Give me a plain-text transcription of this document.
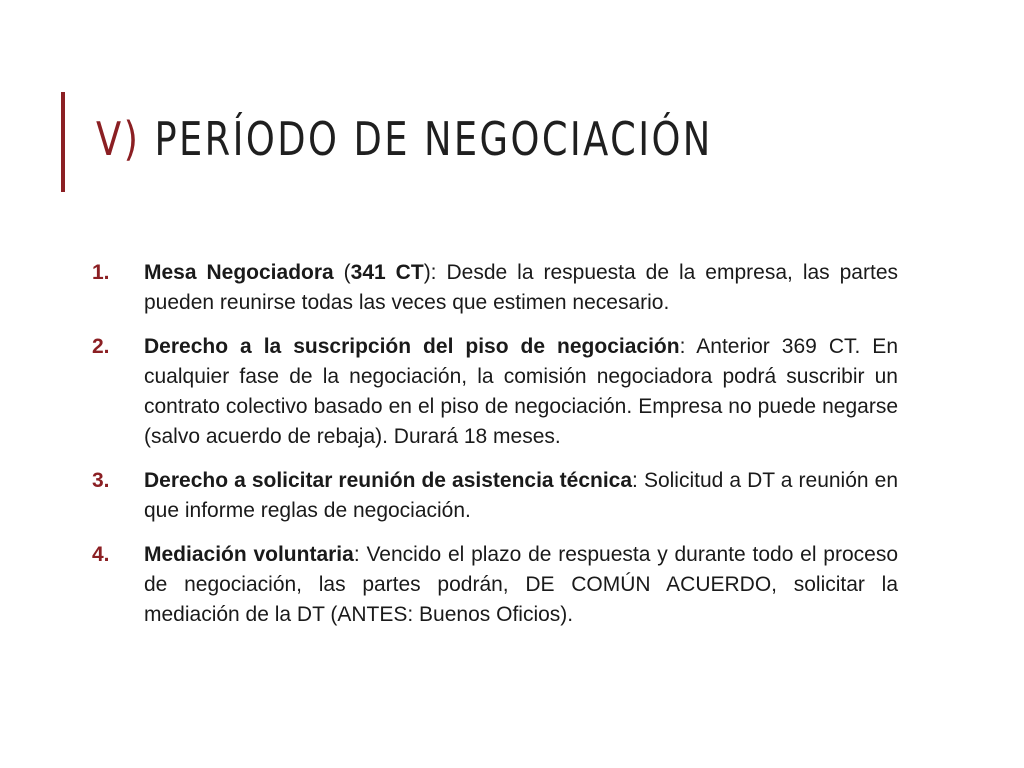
V) PERÍODO DE NEGOCIACIÓN
1.	Mesa Negociadora (341 CT): Desde la respuesta de la empresa, las partes pueden reunirse todas las veces que estimen necesario.
2.	Derecho a la suscripción del piso de negociación: Anterior 369 CT. En cualquier fase de la negociación, la comisión negociadora podrá suscribir un contrato colectivo basado en el piso de negociación. Empresa no puede negarse (salvo acuerdo de rebaja). Durará 18 meses.
3.	Derecho a solicitar reunión de asistencia técnica: Solicitud a DT a reunión en que informe reglas de negociación.
4.	Mediación voluntaria: Vencido el plazo de respuesta y durante todo el proceso de negociación, las partes podrán, DE COMÚN ACUERDO, solicitar la mediación de la DT (ANTES: Buenos Oficios).
